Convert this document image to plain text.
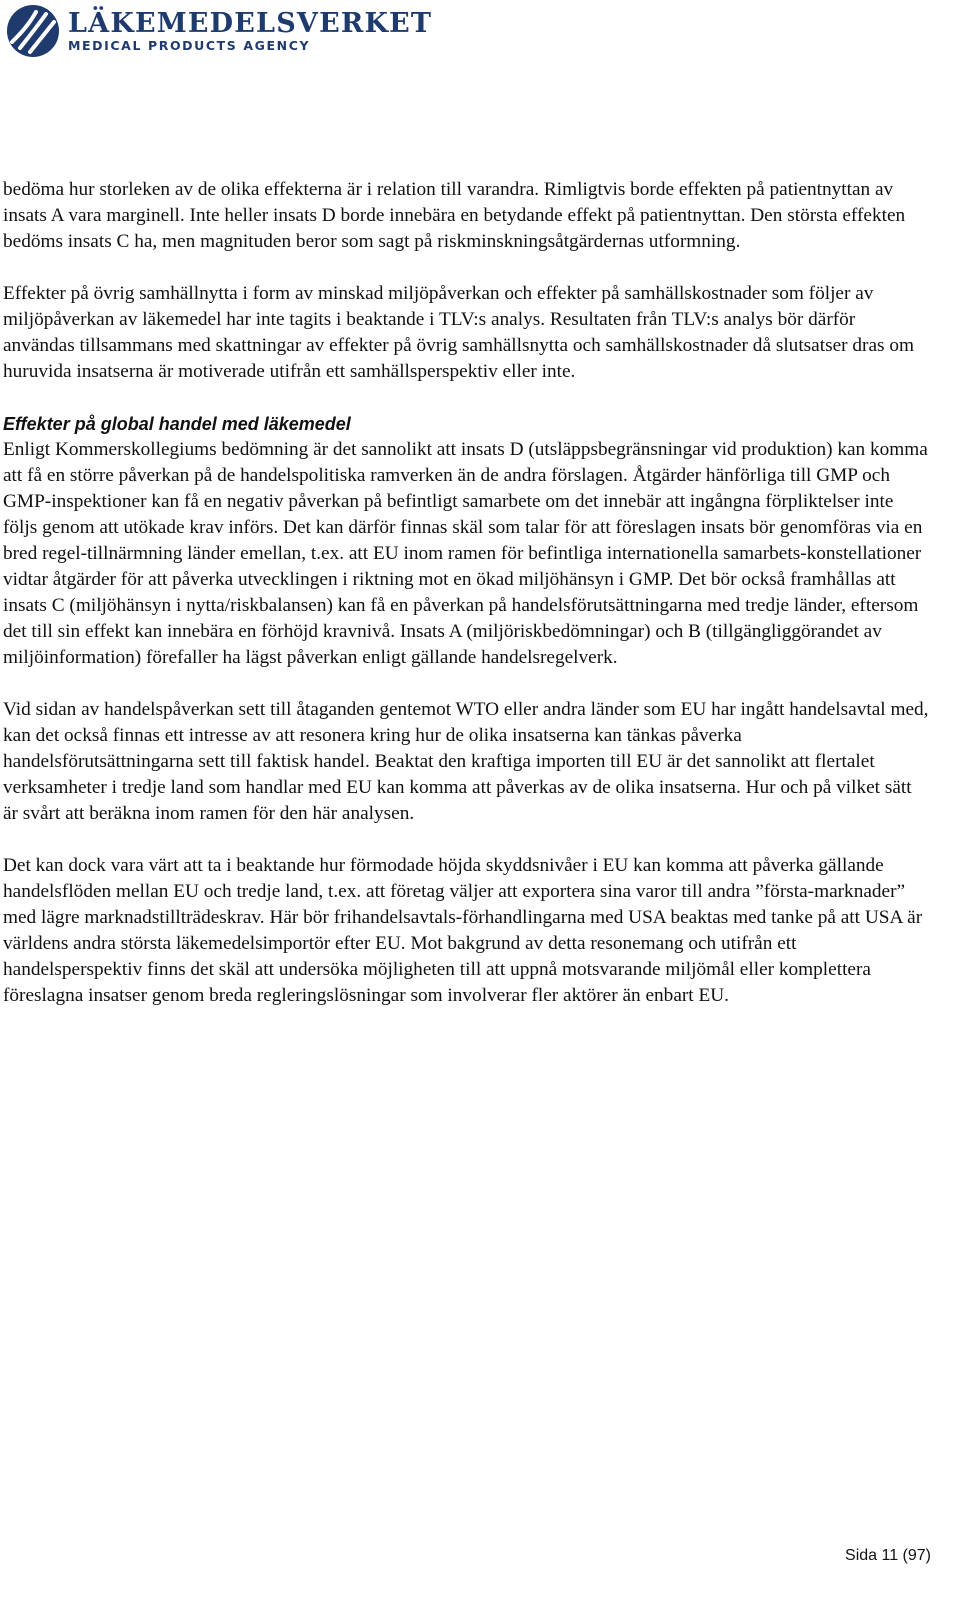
LÄKEMEDELSVERKET
MEDICAL PRODUCTS AGENCY

bedöma hur storleken av de olika effekterna är i relation till varandra. Rimligtvis borde effekten på patientnyttan av insats A vara marginell. Inte heller insats D borde innebära en betydande effekt på patientnyttan. Den största effekten bedöms insats C ha, men magnituden beror som sagt på riskminskningsåtgärdernas utformning.

Effekter på övrig samhällnytta i form av minskad miljöpåverkan och effekter på samhällskostnader som följer av miljöpåverkan av läkemedel har inte tagits i beaktande i TLV:s analys. Resultaten från TLV:s analys bör därför användas tillsammans med skattningar av effekter på övrig samhällsnytta och samhällskostnader då slutsatser dras om huruvida insatserna är motiverade utifrån ett samhällsperspektiv eller inte.

Effekter på global handel med läkemedel

Enligt Kommerskollegiums bedömning är det sannolikt att insats D (utsläppsbegränsningar vid produktion) kan komma att få en större påverkan på de handelspolitiska ramverken än de andra förslagen. Åtgärder hänförliga till GMP och GMP-inspektioner kan få en negativ påverkan på befintligt samarbete om det innebär att ingångna förpliktelser inte följs genom att utökade krav införs. Det kan därför finnas skäl som talar för att föreslagen insats bör genomföras via en bred regel-tillnärmning länder emellan, t.ex. att EU inom ramen för befintliga internationella samarbets-konstellationer vidtar åtgärder för att påverka utvecklingen i riktning mot en ökad miljöhänsyn i GMP. Det bör också framhållas att insats C (miljöhänsyn i nytta/riskbalansen) kan få en påverkan på handelsförutsättningarna med tredje länder, eftersom det till sin effekt kan innebära en förhöjd kravnivå. Insats A (miljöriskbedömningar) och B (tillgängliggörandet av miljöinformation) förefaller ha lägst påverkan enligt gällande handelsregelverk.

Vid sidan av handelspåverkan sett till åtaganden gentemot WTO eller andra länder som EU har ingått handelsavtal med, kan det också finnas ett intresse av att resonera kring hur de olika insatserna kan tänkas påverka handelsförutsättningarna sett till faktisk handel. Beaktat den kraftiga importen till EU är det sannolikt att flertalet verksamheter i tredje land som handlar med EU kan komma att påverkas av de olika insatserna. Hur och på vilket sätt är svårt att beräkna inom ramen för den här analysen.

Det kan dock vara värt att ta i beaktande hur förmodade höjda skyddsnivåer i EU kan komma att påverka gällande handelsflöden mellan EU och tredje land, t.ex. att företag väljer att exportera sina varor till andra ”första-marknader” med lägre marknadstillträdeskrav. Här bör frihandelsavtals-förhandlingarna med USA beaktas med tanke på att USA är världens andra största läkemedelsimportör efter EU. Mot bakgrund av detta resonemang och utifrån ett handelsperspektiv finns det skäl att undersöka möjligheten till att uppnå motsvarande miljömål eller komplettera föreslagna insatser genom breda regleringslösningar som involverar fler aktörer än enbart EU.

Sida 11 (97)
